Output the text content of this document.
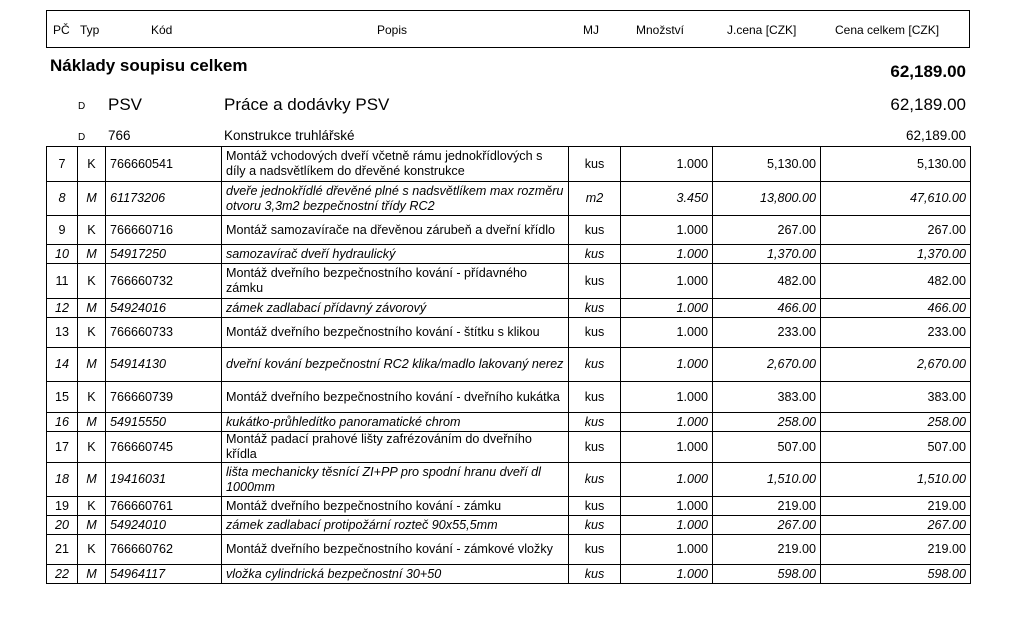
PČ Typ	Kód	Popis	MJ	Množství	J.cena [CZK]	Cena celkem [CZK]
Náklady soupisu celkem	62,189.00
D PSV	Práce a dodávky PSV	62,189.00
D 766	Konstrukce truhlářské	62,189.00
7	K	766660541	Montáž vchodových dveří včetně rámu jednokřídlových s díly a nadsvětlíkem do dřevěné konstrukce	kus	1.000	5,130.00	5,130.00
8	M	61173206	dveře jednokřídlé dřevěné plné s nadsvětlíkem max rozměru otvoru 3,3m2 bezpečnostní třídy RC2	m2	3.450	13,800.00	47,610.00
9	K	766660716	Montáž samozavírače na dřevěnou zárubeň a dveřní křídlo	kus	1.000	267.00	267.00
10	M	54917250	samozavírač dveří hydraulický	kus	1.000	1,370.00	1,370.00
11	K	766660732	Montáž dveřního bezpečnostního kování - přídavného zámku	kus	1.000	482.00	482.00
12	M	54924016	zámek zadlabací přídavný závorový	kus	1.000	466.00	466.00
13	K	766660733	Montáž dveřního bezpečnostního kování - štítku s klikou	kus	1.000	233.00	233.00
14	M	54914130	dveřní kování bezpečnostní RC2 klika/madlo lakovaný nerez	kus	1.000	2,670.00	2,670.00
15	K	766660739	Montáž dveřního bezpečnostního kování - dveřního kukátka	kus	1.000	383.00	383.00
16	M	54915550	kukátko-průhledítko panoramatické chrom	kus	1.000	258.00	258.00
17	K	766660745	Montáž padací prahové lišty zafrézováním do dveřního křídla	kus	1.000	507.00	507.00
18	M	19416031	lišta mechanicky těsnící ZI+PP pro spodní hranu dveří dl 1000mm	kus	1.000	1,510.00	1,510.00
19	K	766660761	Montáž dveřního bezpečnostního kování - zámku	kus	1.000	219.00	219.00
20	M	54924010	zámek zadlabací protipožární rozteč 90x55,5mm	kus	1.000	267.00	267.00
21	K	766660762	Montáž dveřního bezpečnostního kování - zámkové vložky	kus	1.000	219.00	219.00
22	M	54964117	vložka cylindrická bezpečnostní 30+50	kus	1.000	598.00	598.00
